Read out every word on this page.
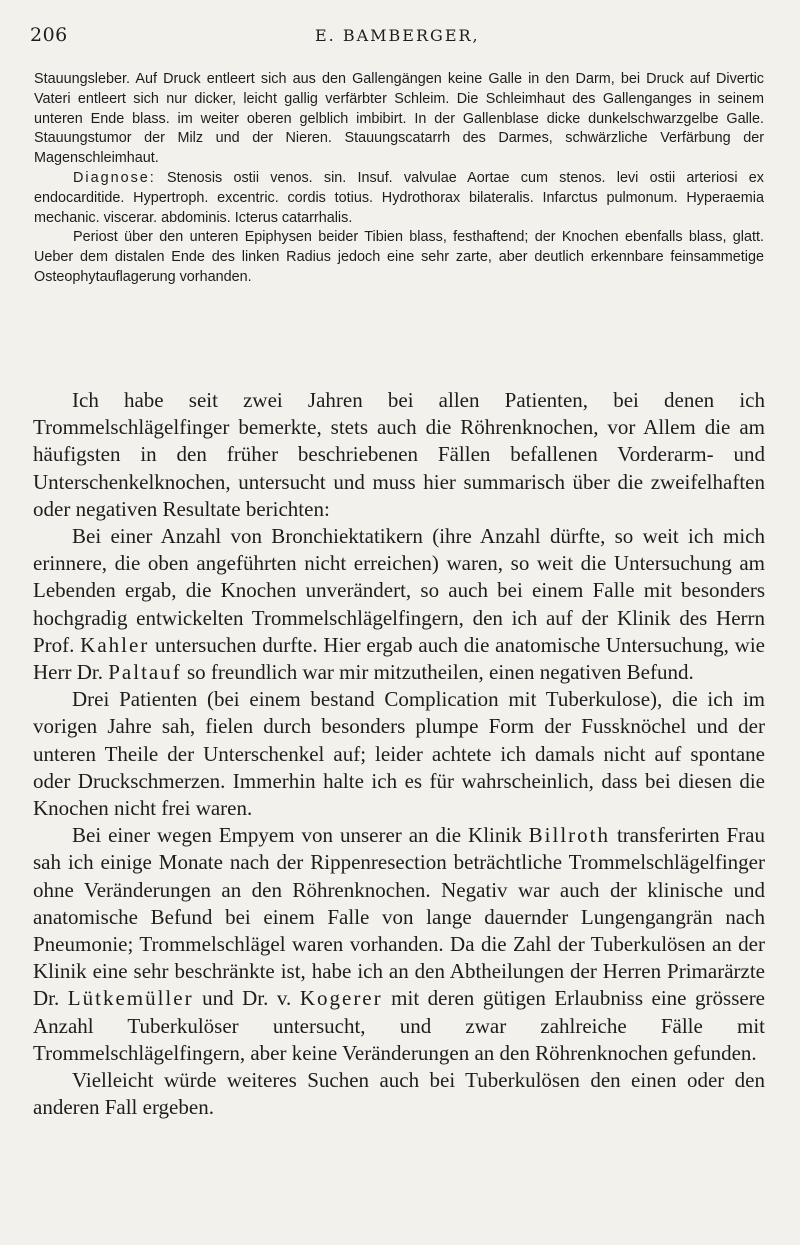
206	E. BAMBERGER,

Stauungsleber. Auf Druck entleert sich aus den Gallengängen keine Galle in den Darm, bei Druck auf Divertic Vateri entleert sich nur dicker, leicht gallig verfärbter Schleim. Die Schleimhaut des Gallenganges in seinem unteren Ende blass. im weiter oberen gelblich imbibirt. In der Gallenblase dicke dunkelschwarzgelbe Galle. Stauungstumor der Milz und der Nieren. Stauungscatarrh des Darmes, schwärzliche Verfärbung der Magenschleimhaut.

Diagnose: Stenosis ostii venos. sin. Insuf. valvulae Aortae cum stenos. levi ostii arteriosi ex endocarditide. Hypertroph. excentric. cordis totius. Hydrothorax bilateralis. Infarctus pulmonum. Hyperaemia mechanic. viscerar. abdominis. Icterus catarrhalis.

Periost über den unteren Epiphysen beider Tibien blass, festhaftend; der Knochen ebenfalls blass, glatt. Ueber dem distalen Ende des linken Radius jedoch eine sehr zarte, aber deutlich erkennbare feinsammetige Osteophytauflagerung vorhanden.

Ich habe seit zwei Jahren bei allen Patienten, bei denen ich Trommelschlägelfinger bemerkte, stets auch die Röhrenknochen, vor Allem die am häufigsten in den früher beschriebenen Fällen befallenen Vorderarm- und Unterschenkelknochen, untersucht und muss hier summarisch über die zweifelhaften oder negativen Resultate berichten:

Bei einer Anzahl von Bronchiektatikern (ihre Anzahl dürfte, so weit ich mich erinnere, die oben angeführten nicht erreichen) waren, so weit die Untersuchung am Lebenden ergab, die Knochen unverändert, so auch bei einem Falle mit besonders hochgradig entwickelten Trommelschlägelfingern, den ich auf der Klinik des Herrn Prof. Kahler untersuchen durfte. Hier ergab auch die anatomische Untersuchung, wie Herr Dr. Paltauf so freundlich war mir mitzutheilen, einen negativen Befund.

Drei Patienten (bei einem bestand Complication mit Tuberkulose), die ich im vorigen Jahre sah, fielen durch besonders plumpe Form der Fussknöchel und der unteren Theile der Unterschenkel auf; leider achtete ich damals nicht auf spontane oder Druckschmerzen. Immerhin halte ich es für wahrscheinlich, dass bei diesen die Knochen nicht frei waren.

Bei einer wegen Empyem von unserer an die Klinik Billroth transferirten Frau sah ich einige Monate nach der Rippenresection beträchtliche Trommelschlägelfinger ohne Veränderungen an den Röhrenknochen. Negativ war auch der klinische und anatomische Befund bei einem Falle von lange dauernder Lungengangrän nach Pneumonie; Trommelschlägel waren vorhanden. Da die Zahl der Tuberkulösen an der Klinik eine sehr beschränkte ist, habe ich an den Abtheilungen der Herren Primarärzte Dr. Lütkemüller und Dr. v. Kogerer mit deren gütigen Erlaubniss eine grössere Anzahl Tuberkulöser untersucht, und zwar zahlreiche Fälle mit Trommelschlägelfingern, aber keine Veränderungen an den Röhrenknochen gefunden.

Vielleicht würde weiteres Suchen auch bei Tuberkulösen den einen oder den anderen Fall ergeben.
